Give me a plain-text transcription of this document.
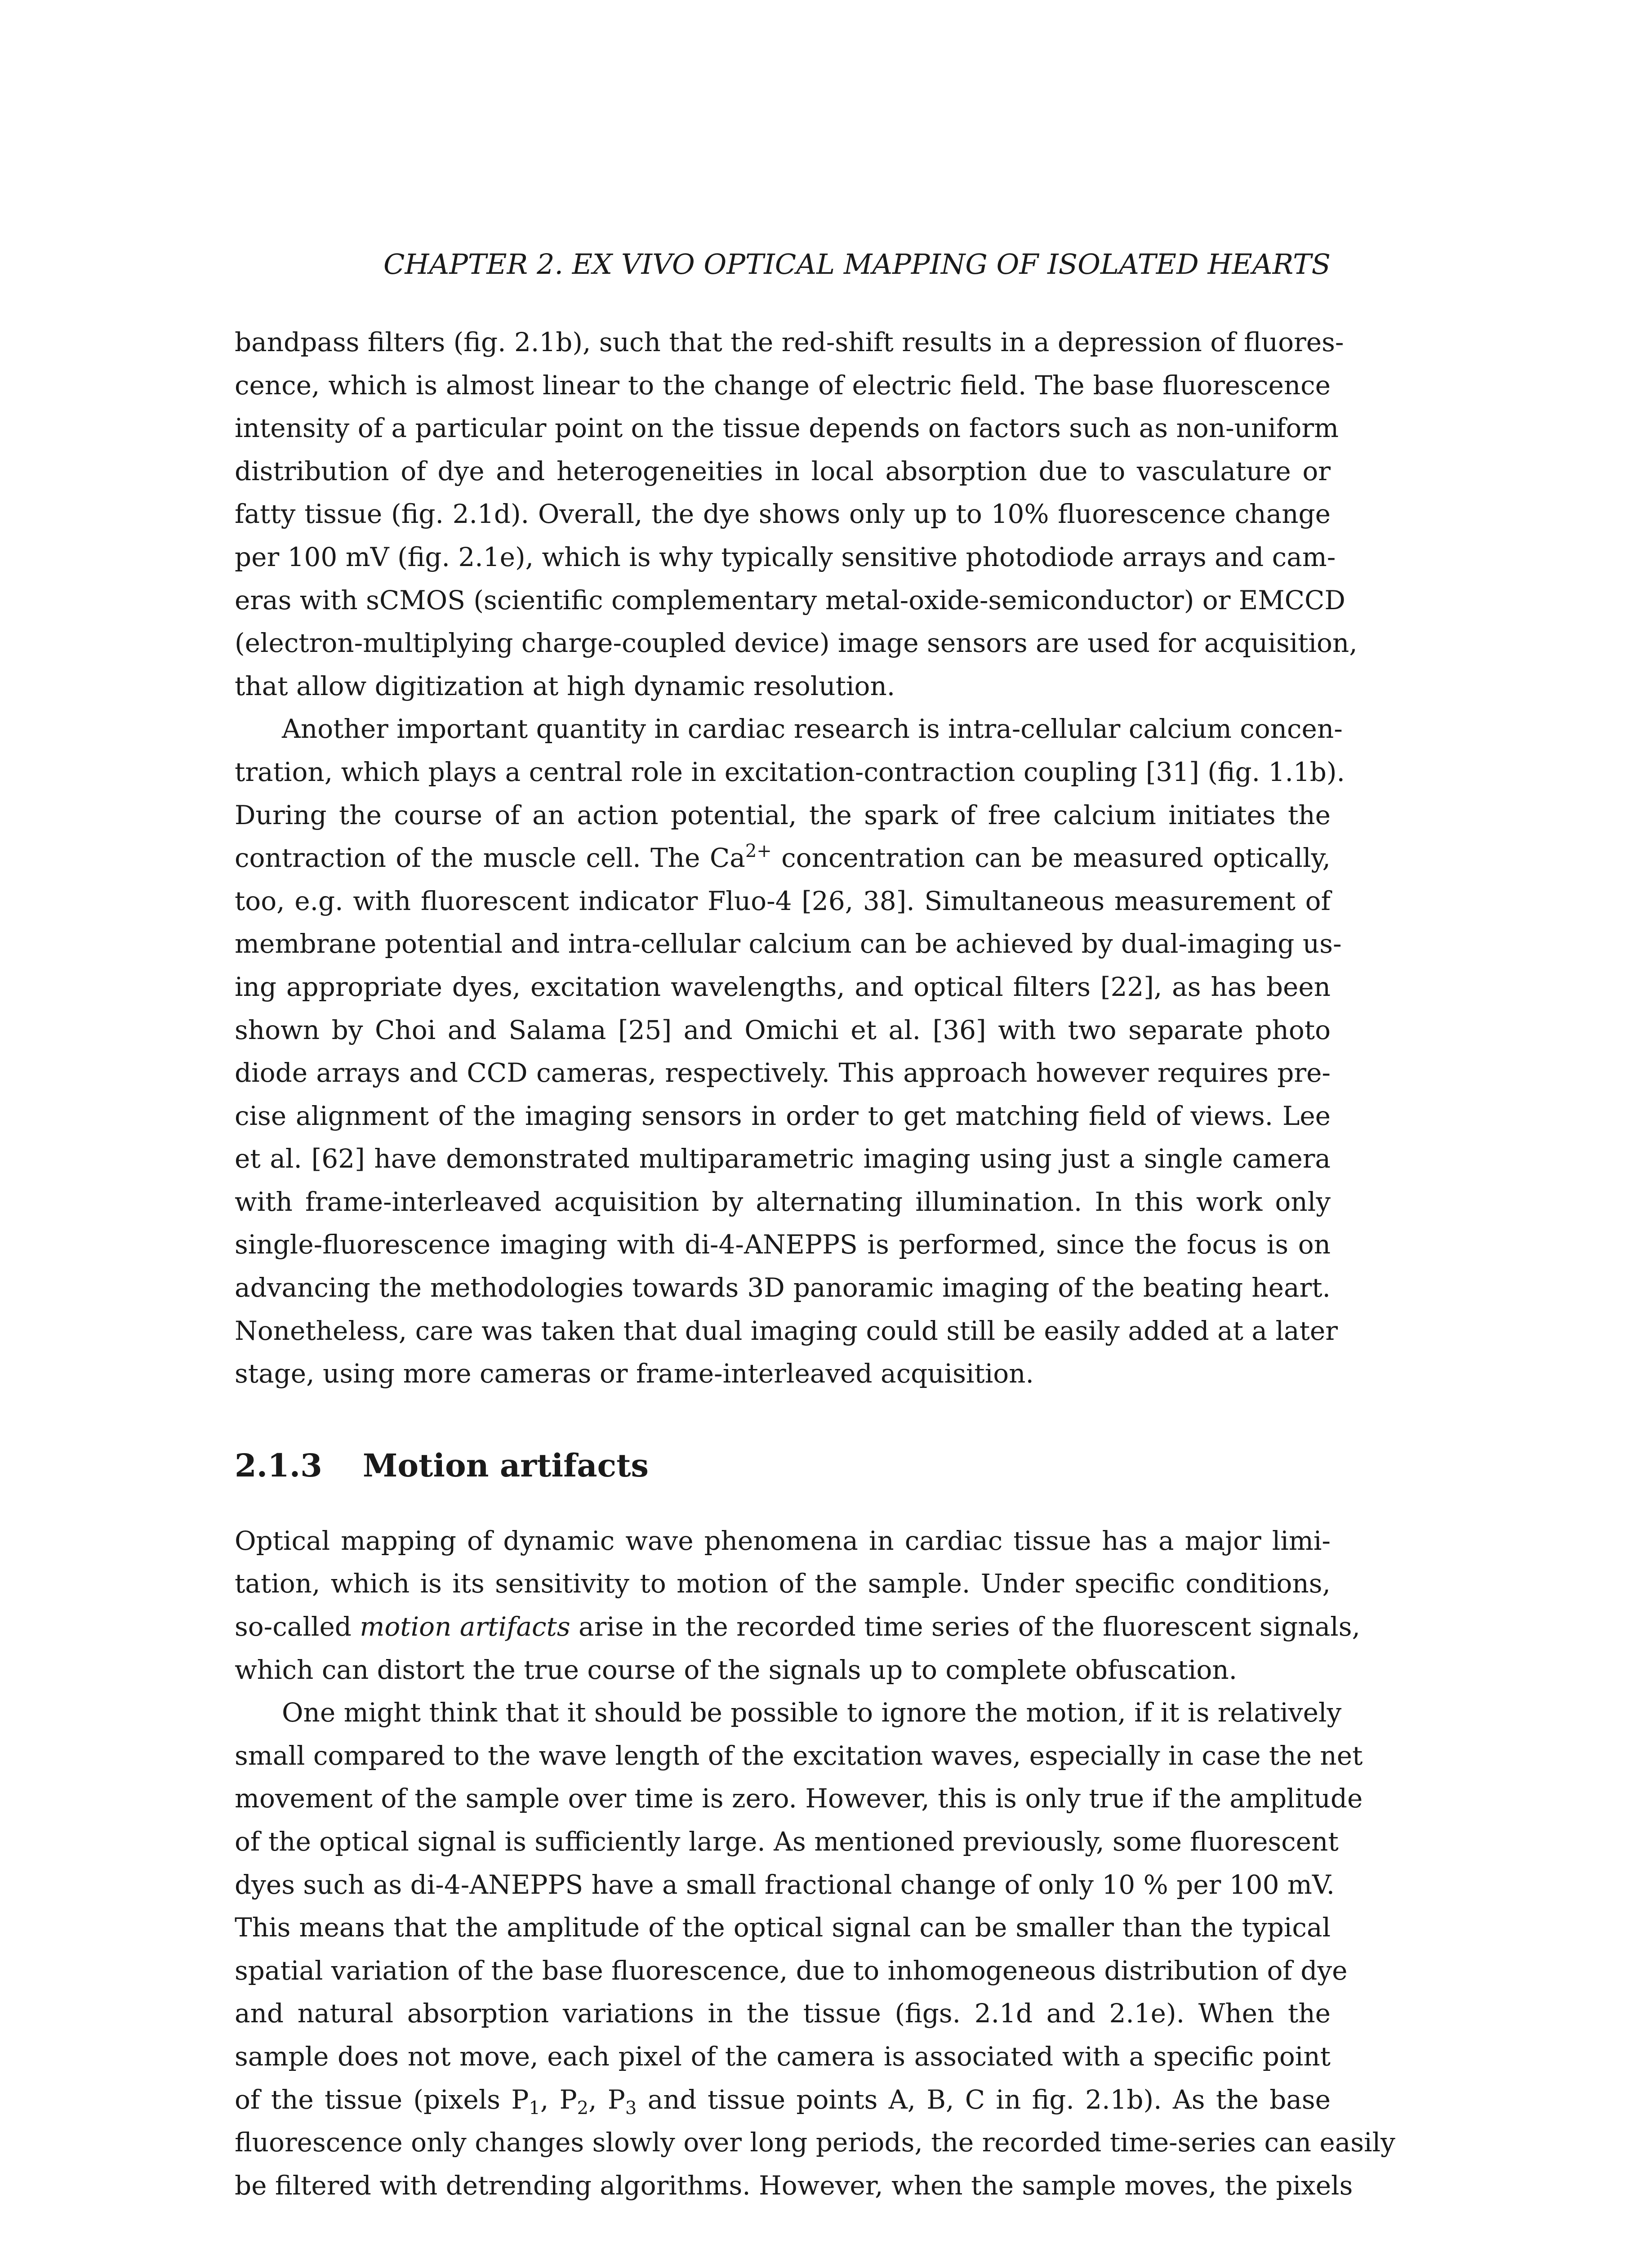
CHAPTER 2. EX VIVO OPTICAL MAPPING OF ISOLATED HEARTS
bandpass filters (fig. 2.1b), such that the red-shift results in a depression of fluores-
cence, which is almost linear to the change of electric field. The base fluorescence
intensity of a particular point on the tissue depends on factors such as non-uniform
distribution of dye and heterogeneities in local absorption due to vasculature or
fatty tissue (fig. 2.1d). Overall, the dye shows only up to 10% fluorescence change
per 100 mV (fig. 2.1e), which is why typically sensitive photodiode arrays and cam-
eras with sCMOS (scientific complementary metal-oxide-semiconductor) or EMCCD
(electron-multiplying charge-coupled device) image sensors are used for acquisition,
that allow digitization at high dynamic resolution.
Another important quantity in cardiac research is intra-cellular calcium concen-
tration, which plays a central role in excitation-contraction coupling [31] (fig. 1.1b).
During the course of an action potential, the spark of free calcium initiates the
contraction of the muscle cell. The $Ca^{2+}$ concentration can be measured optically,
too, e.g. with fluorescent indicator Fluo-4 [26, 38]. Simultaneous measurement of
membrane potential and intra-cellular calcium can be achieved by dual-imaging us-
ing appropriate dyes, excitation wavelengths, and optical filters [22], as has been
shown by Choi and Salama [25] and Omichi et al. [36] with two separate photo
diode arrays and CCD cameras, respectively. This approach however requires pre-
cise alignment of the imaging sensors in order to get matching field of views. Lee
et al. [62] have demonstrated multiparametric imaging using just a single camera
with frame-interleaved acquisition by alternating illumination. In this work only
single-fluorescence imaging with di-4-ANEPPS is performed, since the focus is on
advancing the methodologies towards 3D panoramic imaging of the beating heart.
Nonetheless, care was taken that dual imaging could still be easily added at a later
stage, using more cameras or frame-interleaved acquisition.
2.1.3 Motion artifacts
Optical mapping of dynamic wave phenomena in cardiac tissue has a major limi-
tation, which is its sensitivity to motion of the sample. Under specific conditions,
so-called motion artifacts arise in the recorded time series of the fluorescent signals,
which can distort the true course of the signals up to complete obfuscation.
One might think that it should be possible to ignore the motion, if it is relatively
small compared to the wave length of the excitation waves, especially in case the net
movement of the sample over time is zero. However, this is only true if the amplitude
of the optical signal is sufficiently large. As mentioned previously, some fluorescent
dyes such as di-4-ANEPPS have a small fractional change of only 10 % per 100 mV.
This means that the amplitude of the optical signal can be smaller than the typical
spatial variation of the base fluorescence, due to inhomogeneous distribution of dye
and natural absorption variations in the tissue (figs. 2.1d and 2.1e). When the
sample does not move, each pixel of the camera is associated with a specific point
of the tissue (pixels $P_1$, $P_2$, $P_3$ and tissue points A, B, C in fig. 2.1b). As the base
fluorescence only changes slowly over long periods, the recorded time-series can easily
be filtered with detrending algorithms. However, when the sample moves, the pixels
